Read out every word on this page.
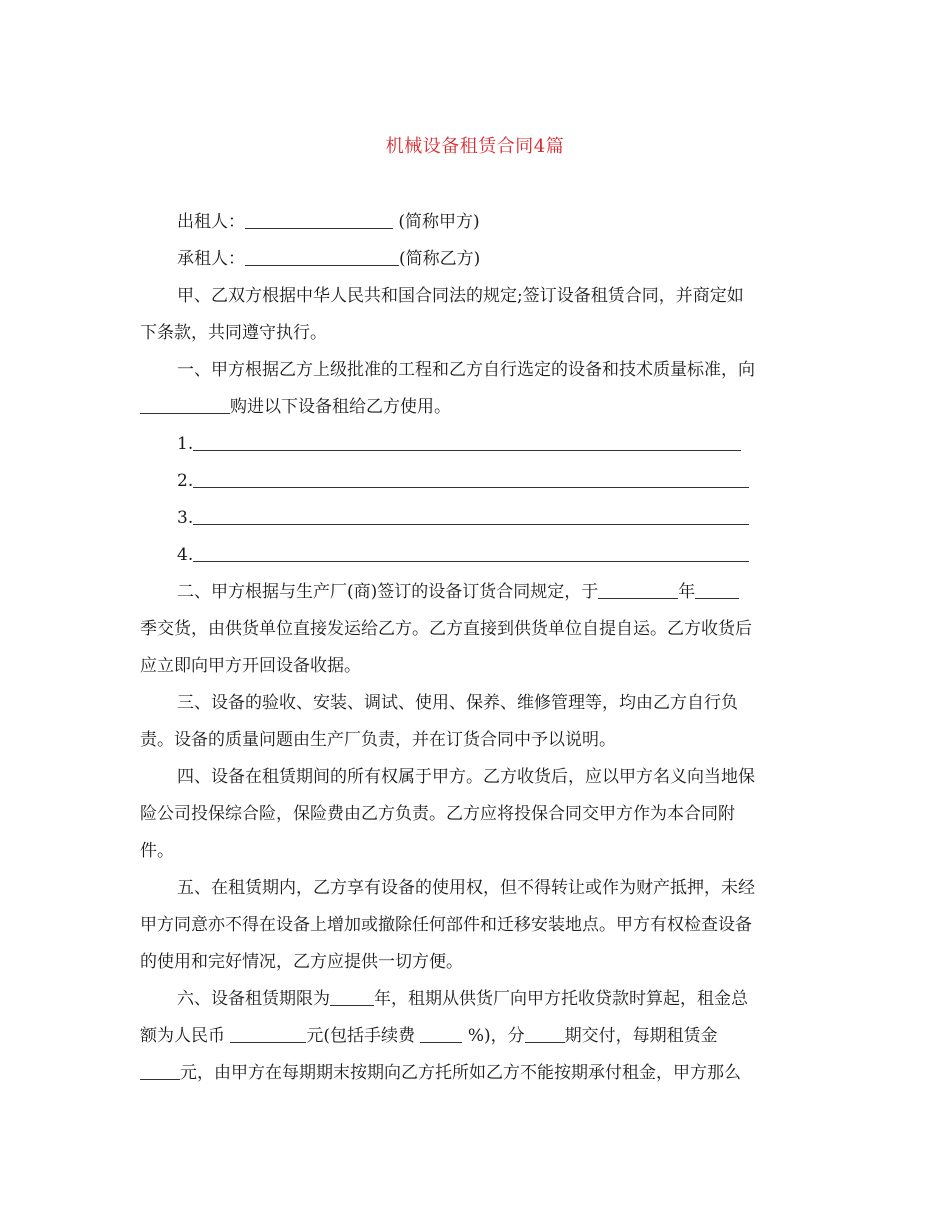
机械设备租赁合同4篇
出租人：	(简称甲方)
承租人：	(简称乙方)
甲、乙双方根据中华人民共和国合同法的规定;签订设备租赁合同，并商定如
下条款，共同遵守执行。
一、甲方根据乙方上级批准的工程和乙方自行选定的设备和技术质量标准，向
购进以下设备租给乙方使用。
1.
2.
3.
4.
二、甲方根据与生产厂(商)签订的设备订货合同规定，于	年
季交货，由供货单位直接发运给乙方。乙方直接到供货单位自提自运。乙方收货后
应立即向甲方开回设备收据。
三、设备的验收、安装、调试、使用、保养、维修管理等，均由乙方自行负
责。设备的质量问题由生产厂负责，并在订货合同中予以说明。
四、设备在租赁期间的所有权属于甲方。乙方收货后，应以甲方名义向当地保
险公司投保综合险，保险费由乙方负责。乙方应将投保合同交甲方作为本合同附
件。
五、在租赁期内，乙方享有设备的使用权，但不得转让或作为财产抵押，未经
甲方同意亦不得在设备上增加或撤除任何部件和迁移安装地点。甲方有权检查设备
的使用和完好情况，乙方应提供一切方便。
六、设备租赁期限为	年，租期从供货厂向甲方托收贷款时算起，租金总
额为人民币	元(包括手续费  %)，分 期交付，每期租赁金
元，由甲方在每期期末按期向乙方托所如乙方不能按期承付租金，甲方那么
